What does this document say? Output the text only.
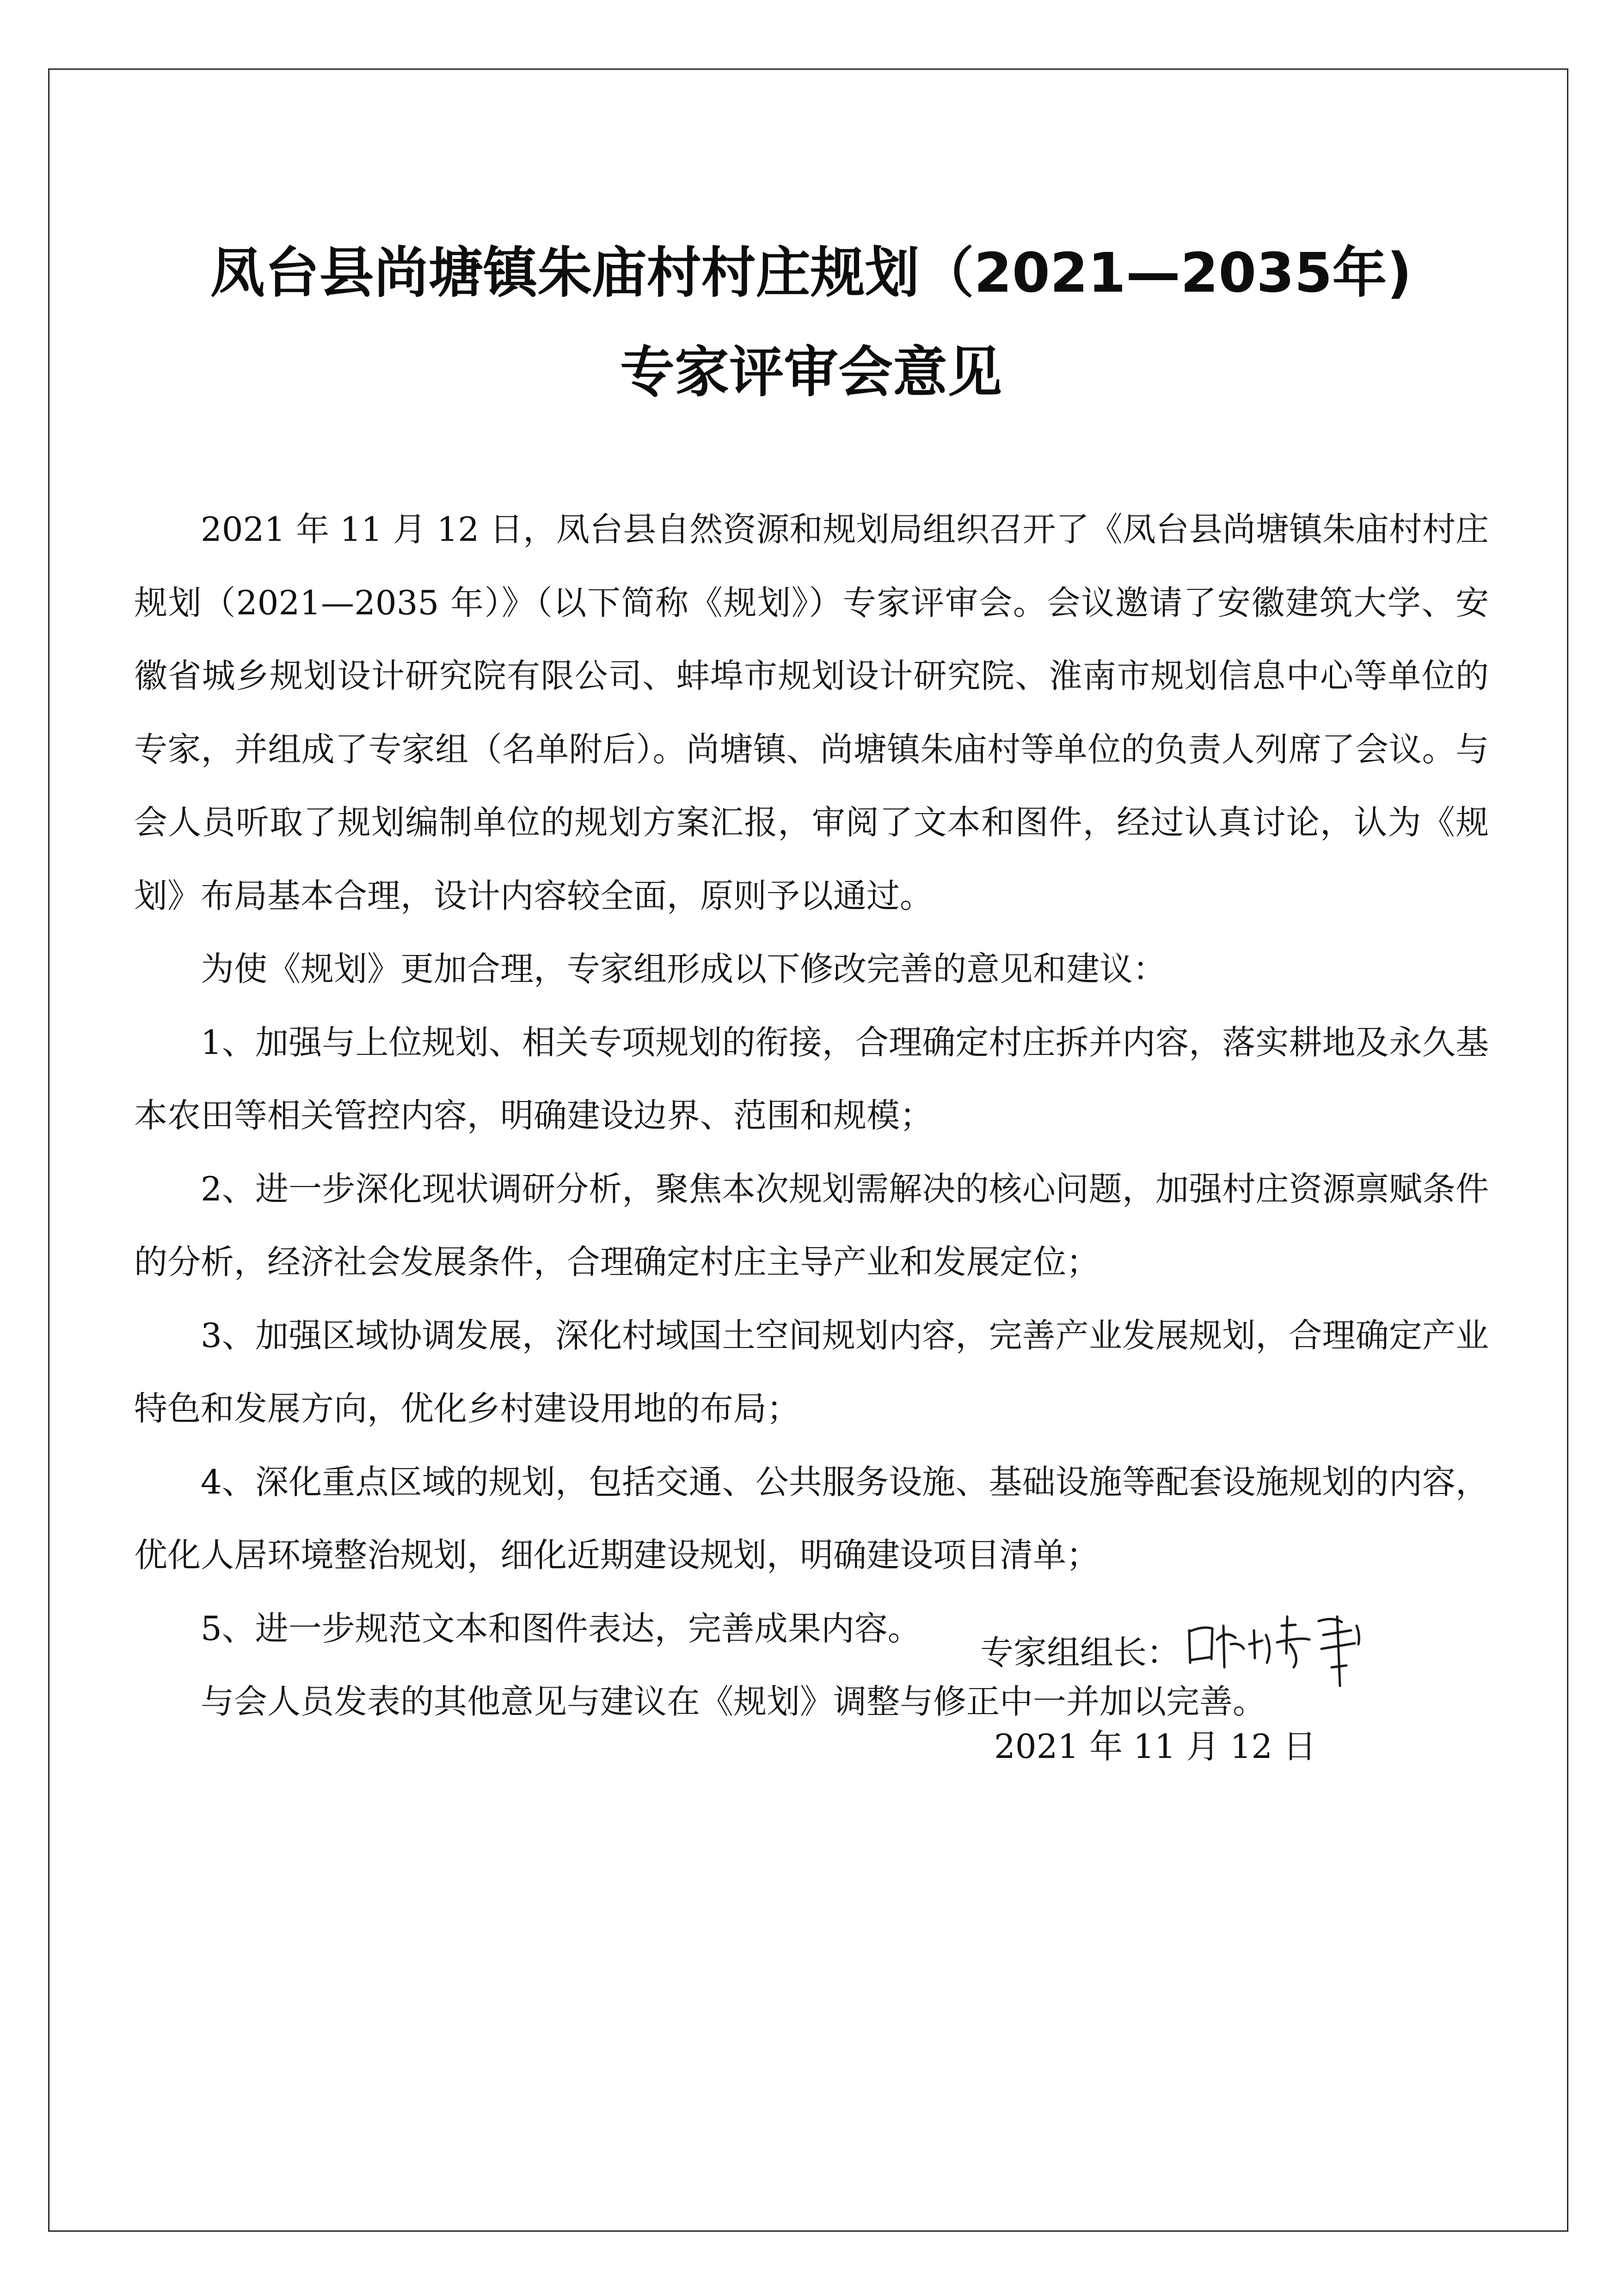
凤台县尚塘镇朱庙村村庄规划（2021—2035年)
专家评审会意见

2021 年 11 月 12 日，凤台县自然资源和规划局组织召开了《凤台县尚塘镇朱庙村村庄规划（2021—2035 年）》（以下简称《规划》）专家评审会。会议邀请了安徽建筑大学、安徽省城乡规划设计研究院有限公司、蚌埠市规划设计研究院、淮南市规划信息中心等单位的专家，并组成了专家组（名单附后）。尚塘镇、尚塘镇朱庙村等单位的负责人列席了会议。与会人员听取了规划编制单位的规划方案汇报，审阅了文本和图件，经过认真讨论，认为《规划》布局基本合理，设计内容较全面，原则予以通过。

为使《规划》更加合理，专家组形成以下修改完善的意见和建议：

1、加强与上位规划、相关专项规划的衔接，合理确定村庄拆并内容，落实耕地及永久基本农田等相关管控内容，明确建设边界、范围和规模；

2、进一步深化现状调研分析，聚焦本次规划需解决的核心问题，加强村庄资源禀赋条件的分析，经济社会发展条件，合理确定村庄主导产业和发展定位；

3、加强区域协调发展，深化村域国土空间规划内容，完善产业发展规划，合理确定产业特色和发展方向，优化乡村建设用地的布局；

4、深化重点区域的规划，包括交通、公共服务设施、基础设施等配套设施规划的内容，优化人居环境整治规划，细化近期建设规划，明确建设项目清单；

5、进一步规范文本和图件表达，完善成果内容。

与会人员发表的其他意见与建议在《规划》调整与修正中一并加以完善。

专家组组长：
2021 年 11 月 12 日
